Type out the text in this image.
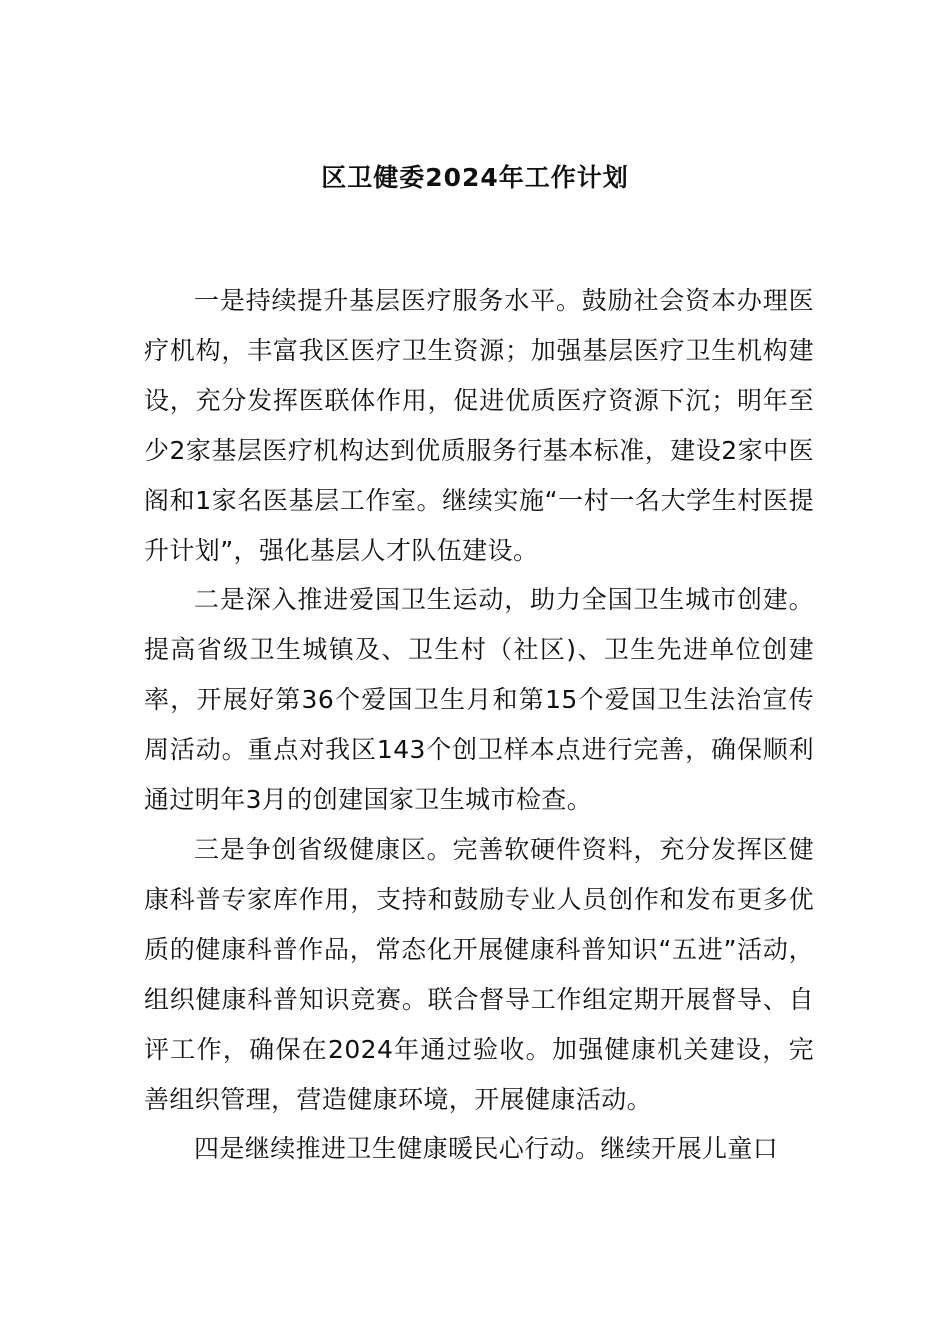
区卫健委2024年工作计划

一是持续提升基层医疗服务水平。鼓励社会资本办理医疗机构，丰富我区医疗卫生资源；加强基层医疗卫生机构建设，充分发挥医联体作用，促进优质医疗资源下沉；明年至少2家基层医疗机构达到优质服务行基本标准，建设2家中医阁和1家名医基层工作室。继续实施“一村一名大学生村医提升计划”，强化基层人才队伍建设。

二是深入推进爱国卫生运动，助力全国卫生城市创建。提高省级卫生城镇及、卫生村（社区)、卫生先进单位创建率，开展好第36个爱国卫生月和第15个爱国卫生法治宣传周活动。重点对我区143个创卫样本点进行完善，确保顺利通过明年3月的创建国家卫生城市检查。

三是争创省级健康区。完善软硬件资料，充分发挥区健康科普专家库作用，支持和鼓励专业人员创作和发布更多优质的健康科普作品，常态化开展健康科普知识“五进”活动，组织健康科普知识竞赛。联合督导工作组定期开展督导、自评工作，确保在2024年通过验收。加强健康机关建设，完善组织管理，营造健康环境，开展健康活动。

四是继续推进卫生健康暖民心行动。继续开展儿童口
